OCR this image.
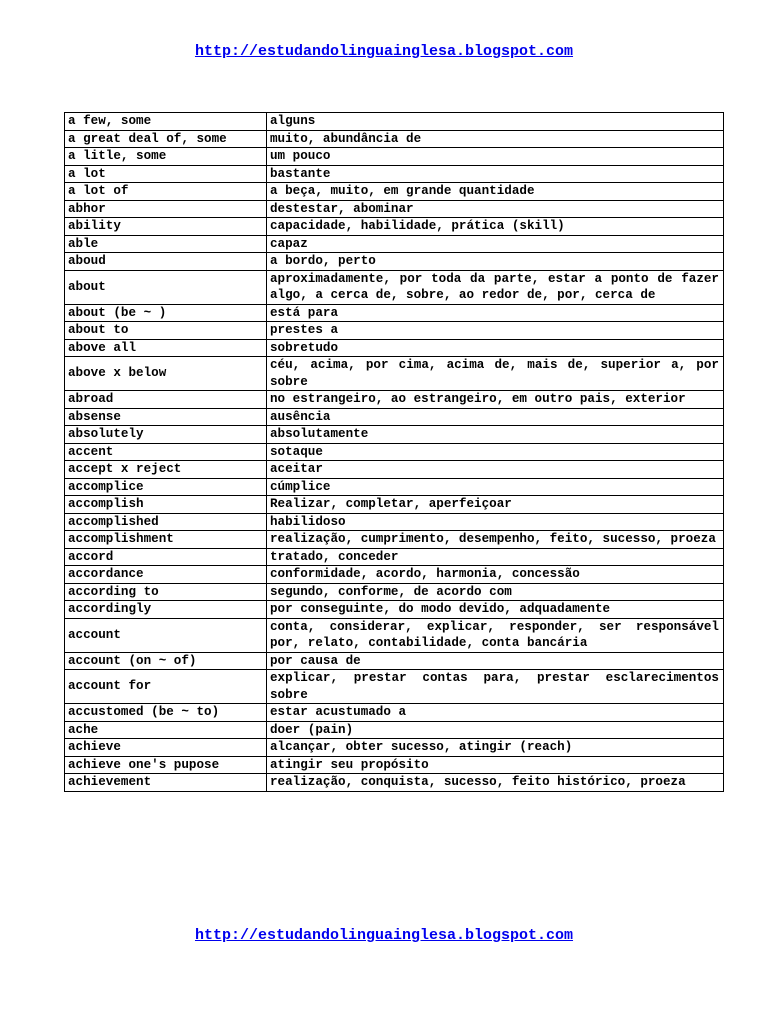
http://estudandolinguainglesa.blogspot.com
a few, some	alguns
a great deal of, some	muito, abundância de
a litle, some	um pouco
a lot	bastante
a lot of	a beça, muito, em grande quantidade
abhor	destestar, abominar
ability	capacidade, habilidade, prática (skill)
able	capaz
aboud	a bordo, perto
about	aproximadamente, por toda da parte, estar a ponto de fazer algo, a cerca de, sobre, ao redor de, por, cerca de
about (be ~ )	está para
about to	prestes a
above all	sobretudo
above x below	céu, acima, por cima, acima de, mais de, superior a, por sobre
abroad	no estrangeiro, ao estrangeiro, em outro pais, exterior
absense	ausência
absolutely	absolutamente
accent	sotaque
accept x reject	aceitar
accomplice	cúmplice
accomplish	Realizar, completar, aperfeiçoar
accomplished	habilidoso
accomplishment	realização, cumprimento, desempenho, feito, sucesso, proeza
accord	tratado, conceder
accordance	conformidade, acordo, harmonia, concessão
according to	segundo, conforme, de acordo com
accordingly	por conseguinte, do modo devido, adquadamente
account	conta, considerar, explicar, responder, ser responsável por, relato, contabilidade, conta bancária
account (on ~ of)	por causa de
account for	explicar, prestar contas para, prestar esclarecimentos sobre
accustomed (be ~ to)	estar acustumado a
ache	doer (pain)
achieve	alcançar, obter sucesso, atingir (reach)
achieve one's pupose	atingir seu propósito
achievement	realização, conquista, sucesso, feito histórico, proeza
http://estudandolinguainglesa.blogspot.com
